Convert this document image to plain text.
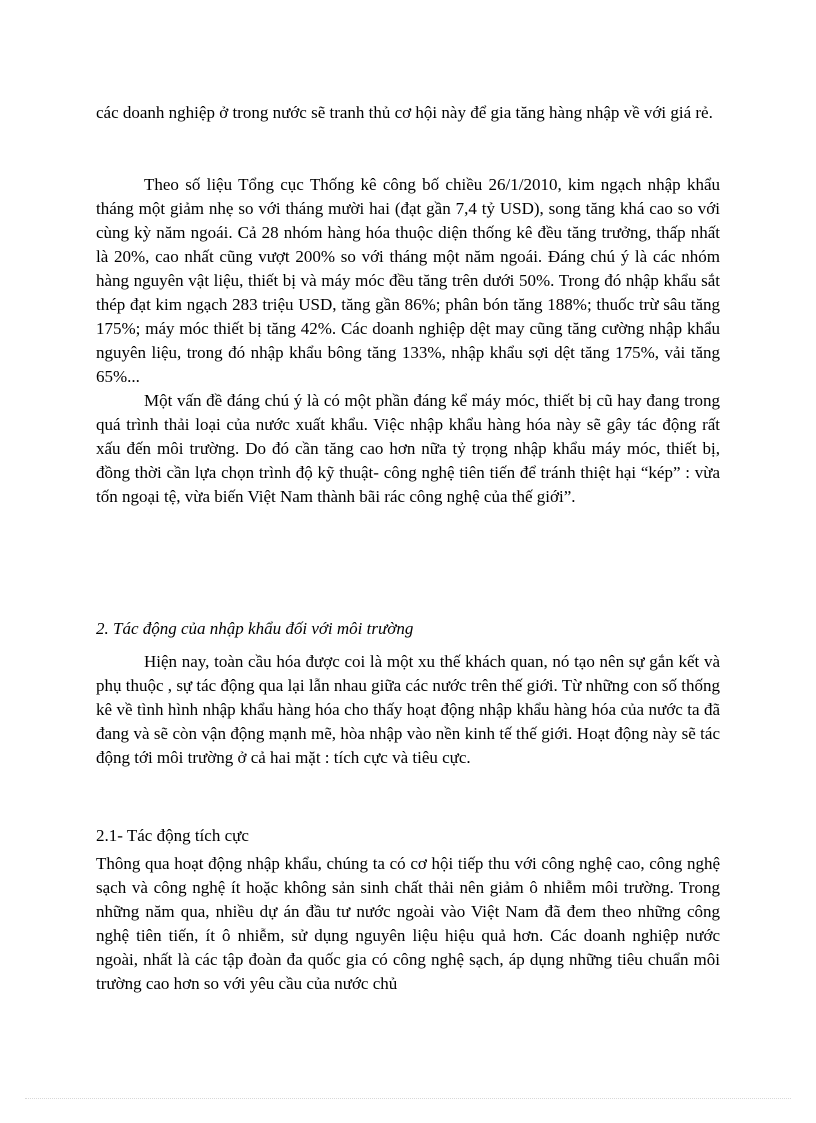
các doanh nghiệp ở trong nước sẽ tranh thủ cơ hội này để gia tăng hàng nhập về với giá rẻ.

Theo số liệu Tổng cục Thống kê công bố chiều 26/1/2010, kim ngạch nhập khẩu tháng một giảm nhẹ so với tháng mười hai (đạt gần 7,4 tỷ USD), song tăng khá cao so với cùng kỳ năm ngoái. Cả 28 nhóm hàng hóa thuộc diện thống kê đều tăng trưởng, thấp nhất là 20%, cao nhất cũng vượt 200% so với tháng một năm ngoái. Đáng chú ý là các nhóm hàng nguyên vật liệu, thiết bị và máy móc đều tăng trên dưới 50%. Trong đó nhập khẩu sắt thép đạt kim ngạch 283 triệu USD, tăng gần 86%; phân bón tăng 188%; thuốc trừ sâu tăng 175%; máy móc thiết bị tăng 42%. Các doanh nghiệp dệt may cũng tăng cường nhập khẩu nguyên liệu, trong đó nhập khẩu bông tăng 133%, nhập khẩu sợi dệt tăng 175%, vải tăng 65%...

Một vấn đề đáng chú ý là có một phần đáng kể máy móc, thiết bị cũ hay đang trong quá trình thải loại của nước xuất khẩu. Việc nhập khẩu hàng hóa này sẽ gây tác động rất xấu đến môi trường. Do đó cần tăng cao hơn nữa tỷ trọng nhập khẩu máy móc, thiết bị, đồng thời cần lựa chọn trình độ kỹ thuật- công nghệ tiên tiến để tránh thiệt hại “kép” : vừa tốn ngoại tệ, vừa biến Việt Nam thành bãi rác công nghệ của thế giới”.

2. Tác động của nhập khẩu đối với môi trường

Hiện nay, toàn cầu hóa được coi là một xu thế khách quan, nó tạo nên sự gắn kết và phụ thuộc , sự tác động qua lại lẫn nhau giữa các nước trên thế giới. Từ những con số thống kê về tình hình nhập khẩu hàng hóa cho thấy hoạt động nhập khẩu hàng hóa của nước ta đã đang và sẽ còn vận động mạnh mẽ, hòa nhập vào nền kinh tế thế giới. Hoạt động này sẽ tác động tới môi trường ở cả hai mặt : tích cực và tiêu cực.

2.1- Tác động tích cực

Thông qua hoạt động nhập khẩu, chúng ta có cơ hội tiếp thu với công nghệ cao, công nghệ sạch và công nghệ ít hoặc không sản sinh chất thải nên giảm ô nhiễm môi trường. Trong những năm qua, nhiều dự án đầu tư nước ngoài vào Việt Nam đã đem theo những công nghệ tiên tiến, ít ô nhiễm, sử dụng nguyên liệu hiệu quả hơn. Các doanh nghiệp nước ngoài, nhất là các tập đoàn đa quốc gia có công nghệ sạch, áp dụng những tiêu chuẩn môi trường cao hơn so với yêu cầu của nước chủ
